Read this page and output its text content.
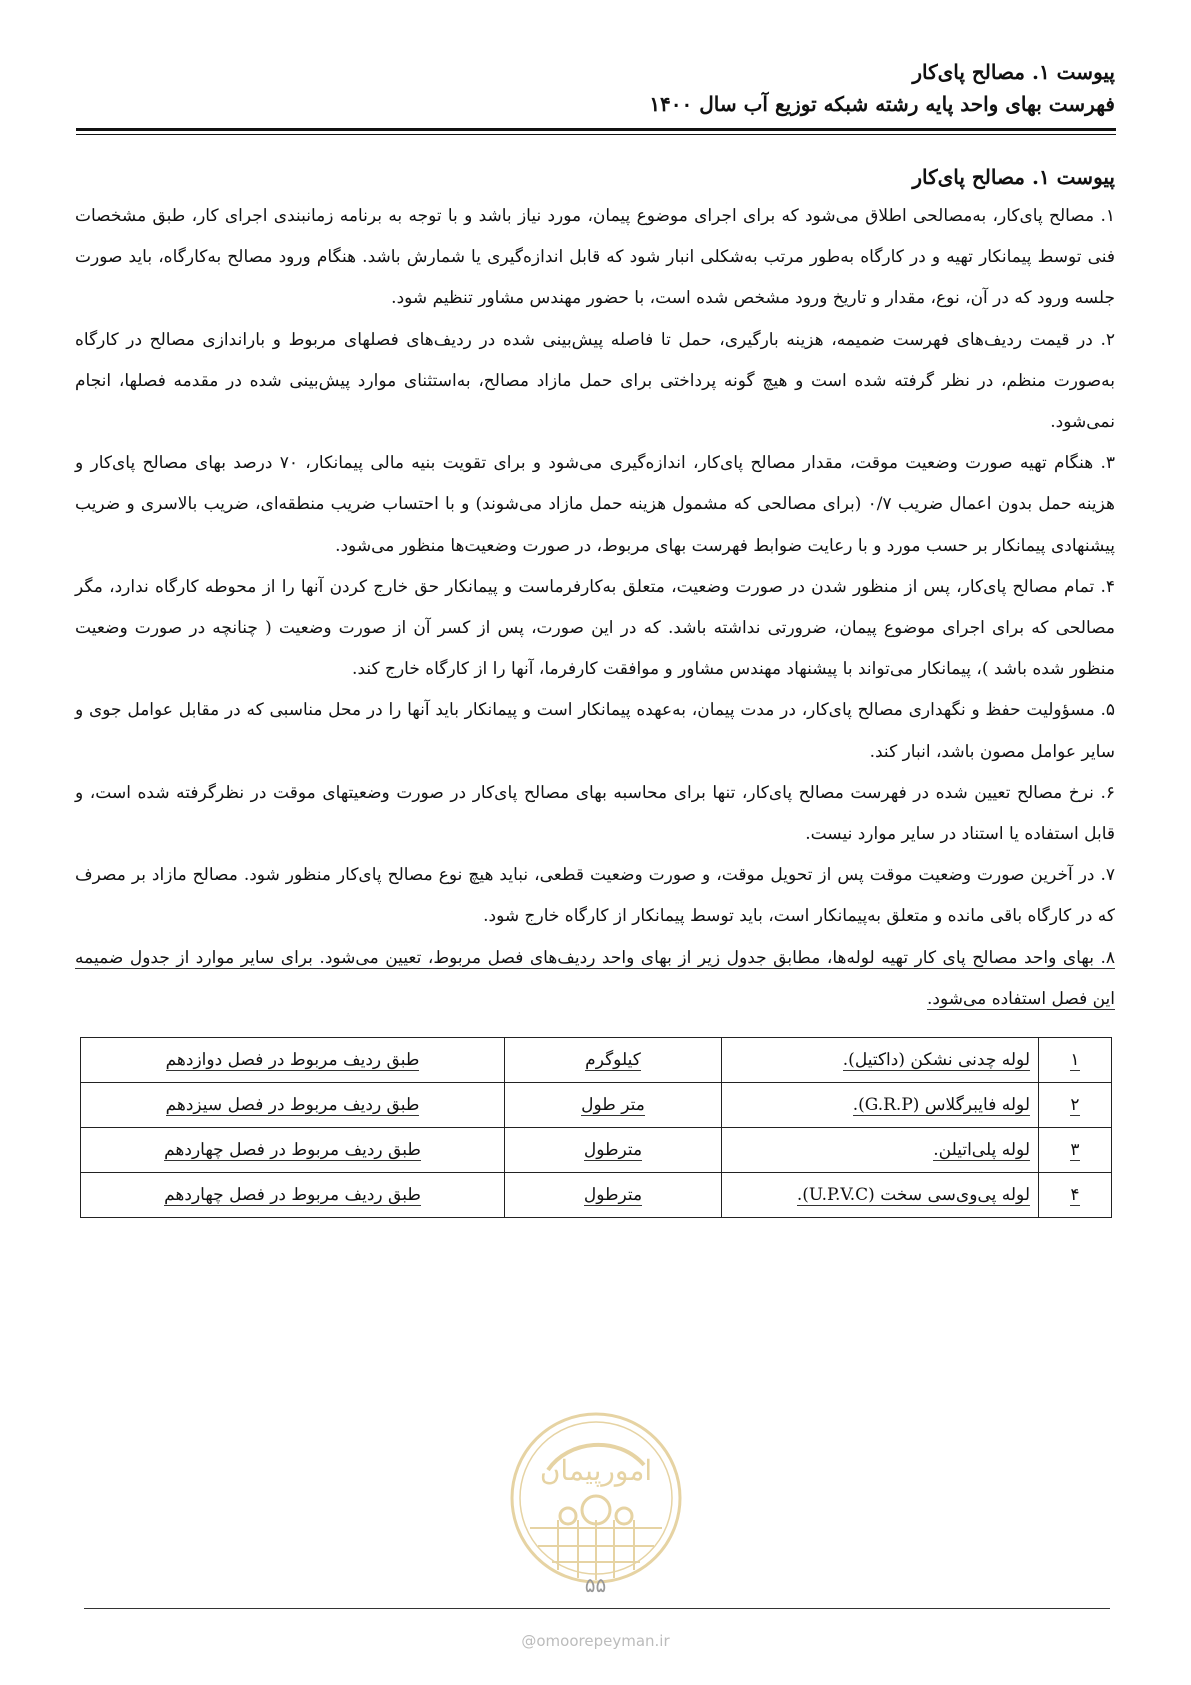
پیوست ۱. مصالح پای‌کار
فهرست بهای واحد پایه رشته شبکه توزیع آب سال ۱۴۰۰
پیوست ۱. مصالح پای‌کار

۱. مصالح پای‌کار، به‌مصالحی اطلاق می‌شود که برای اجرای موضوع پیمان، مورد نیاز باشد و با توجه به برنامه زمانبندی اجرای کار، طبق مشخصات فنی توسط پیمانکار تهیه و در کارگاه به‌طور مرتب به‌شکلی انبار شود که قابل اندازه‌گیری یا شمارش باشد. هنگام ورود مصالح به‌کارگاه، باید صورت جلسه ورود که در آن، نوع، مقدار و تاریخ ورود مشخص شده است، با حضور مهندس مشاور تنظیم شود.

۲. در قیمت ردیف‌های فهرست ضمیمه، هزینه بارگیری، حمل تا فاصله پیش‌بینی شده در ردیف‌های فصلهای مربوط و باراندازی مصالح در کارگاه به‌صورت منظم، در نظر گرفته شده است و هیچ گونه پرداختی برای حمل مازاد مصالح، به‌استثنای موارد پیش‌بینی شده در مقدمه فصلها، انجام نمی‌شود.

۳. هنگام تهیه صورت وضعیت موقت، مقدار مصالح پای‌کار، اندازه‌گیری می‌شود و برای تقویت بنیه مالی پیمانکار، ۷۰ درصد بهای مصالح پای‌کار و هزینه حمل بدون اعمال ضریب ۰/۷ (برای مصالحی که مشمول هزینه حمل مازاد می‌شوند) و با احتساب ضریب منطقه‌ای، ضریب بالاسری و ضریب پیشنهادی پیمانکار بر حسب مورد و با رعایت ضوابط فهرست بهای مربوط، در صورت وضعیت‌ها منظور می‌شود.

۴. تمام مصالح پای‌کار، پس از منظور شدن در صورت وضعیت، متعلق به‌کارفرماست و پیمانکار حق خارج کردن آنها را از محوطه کارگاه ندارد، مگر مصالحی که برای اجرای موضوع پیمان، ضرورتی نداشته باشد. که در این صورت، پس از کسر آن از صورت وضعیت ( چنانچه در صورت وضعیت منظور شده باشد )، پیمانکار می‌تواند با پیشنهاد مهندس مشاور و موافقت کارفرما، آنها را از کارگاه خارج کند.

۵. مسؤولیت حفظ و نگهداری مصالح پای‌کار، در مدت پیمان، به‌عهده پیمانکار است و پیمانکار باید آنها را در محل مناسبی که در مقابل عوامل جوی و سایر عوامل مصون باشد، انبار کند.

۶. نرخ مصالح تعیین شده در فهرست مصالح پای‌کار، تنها برای محاسبه بهای مصالح پای‌کار در صورت وضعیتهای موقت در نظرگرفته شده است، و قابل استفاده یا استناد در سایر موارد نیست.

۷. در آخرین صورت وضعیت موقت پس از تحویل موقت، و صورت وضعیت قطعی، نباید هیچ نوع مصالح پای‌کار منظور شود. مصالح مازاد بر مصرف که در کارگاه باقی مانده و متعلق به‌پیمانکار است، باید توسط پیمانکار از کارگاه خارج شود.

۸. بهای واحد مصالح پای کار تهیه لوله‌ها، مطابق جدول زیر از بهای واحد ردیف‌های فصل مربوط، تعیین می‌شود. برای سایر موارد از جدول ضمیمه این فصل استفاده می‌شود.

۱	لوله چدنی نشکن (داکتیل).	کیلوگرم	طبق ردیف مربوط در فصل دوازدهم
۲	لوله فایبرگلاس (G.R.P).	متر طول	طبق ردیف مربوط در فصل سیزدهم
۳	لوله پلی‌اتیلن.	مترطول	طبق ردیف مربوط در فصل چهاردهم
۴	لوله پی‌وی‌سی سخت (U.P.V.C).	مترطول	طبق ردیف مربوط در فصل چهاردهم
امورپیمان
۵۵
@omoorepeyman.ir
